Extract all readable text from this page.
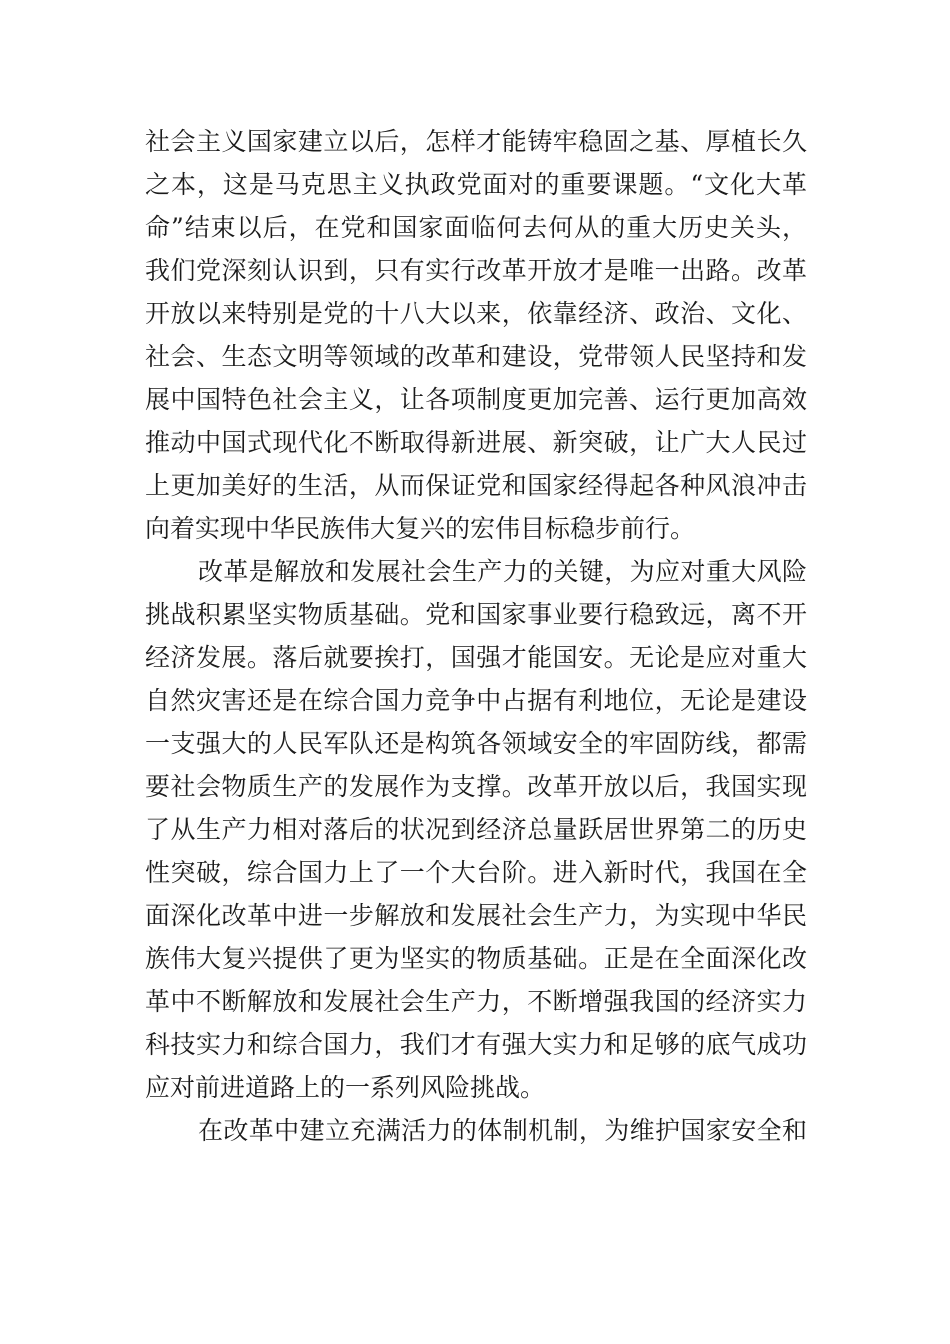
社会主义国家建立以后，怎样才能铸牢稳固之基、厚植长久
之本，这是马克思主义执政党面对的重要课题。“文化大革
命”结束以后，在党和国家面临何去何从的重大历史关头，
我们党深刻认识到，只有实行改革开放才是唯一出路。改革
开放以来特别是党的十八大以来，依靠经济、政治、文化、
社会、生态文明等领域的改革和建设，党带领人民坚持和发
展中国特色社会主义，让各项制度更加完善、运行更加高效
推动中国式现代化不断取得新进展、新突破，让广大人民过
上更加美好的生活，从而保证党和国家经得起各种风浪冲击
向着实现中华民族伟大复兴的宏伟目标稳步前行。
改革是解放和发展社会生产力的关键，为应对重大风险
挑战积累坚实物质基础。党和国家事业要行稳致远，离不开
经济发展。落后就要挨打，国强才能国安。无论是应对重大
自然灾害还是在综合国力竞争中占据有利地位，无论是建设
一支强大的人民军队还是构筑各领域安全的牢固防线，都需
要社会物质生产的发展作为支撑。改革开放以后，我国实现
了从生产力相对落后的状况到经济总量跃居世界第二的历史
性突破，综合国力上了一个大台阶。进入新时代，我国在全
面深化改革中进一步解放和发展社会生产力，为实现中华民
族伟大复兴提供了更为坚实的物质基础。正是在全面深化改
革中不断解放和发展社会生产力，不断增强我国的经济实力
科技实力和综合国力，我们才有强大实力和足够的底气成功
应对前进道路上的一系列风险挑战。
在改革中建立充满活力的体制机制，为维护国家安全和
